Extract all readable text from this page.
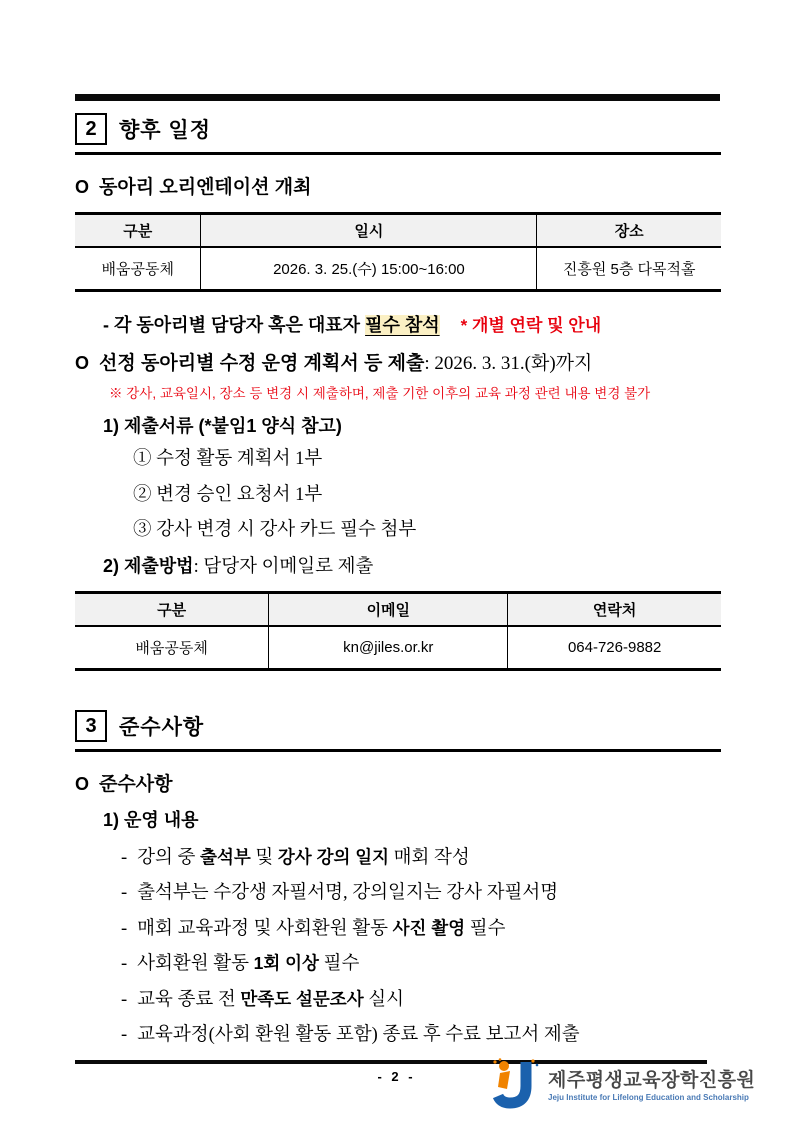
2	향후 일정
O 동아리 오리엔테이션 개최
구분	일시	장소
배움공동체	2026. 3. 25.(수) 15:00~16:00	진흥원 5층 다목적홀
- 각 동아리별 담당자 혹은 대표자 필수 참석 * 개별 연락 및 안내
O 선정 동아리별 수정 운영 계획서 등 제출: 2026. 3. 31.(화)까지
※ 강사, 교육일시, 장소 등 변경 시 제출하며, 제출 기한 이후의 교육 과정 관련 내용 변경 불가
1) 제출서류 (*붙임1 양식 참고)
① 수정 활동 계획서 1부
② 변경 승인 요청서 1부
③ 강사 변경 시 강사 카드 필수 첨부
2) 제출방법: 담당자 이메일로 제출
구분	이메일	연락처
배움공동체	kn@jiles.or.kr	064-726-9882
3	준수사항
O 준수사항
1) 운영 내용
- 강의 중 출석부 및 강사 강의 일지 매회 작성
- 출석부는 수강생 자필서명, 강의일지는 강사 자필서명
- 매회 교육과정 및 사회환원 활동 사진 촬영 필수
- 사회환원 활동 1회 이상 필수
- 교육 종료 전 만족도 설문조사 실시
- 교육과정(사회 환원 활동 포함) 종료 후 수료 보고서 제출
- 2 -	제주평생교육장학진흥원
Jeju Institute for Lifelong Education and Scholarship
